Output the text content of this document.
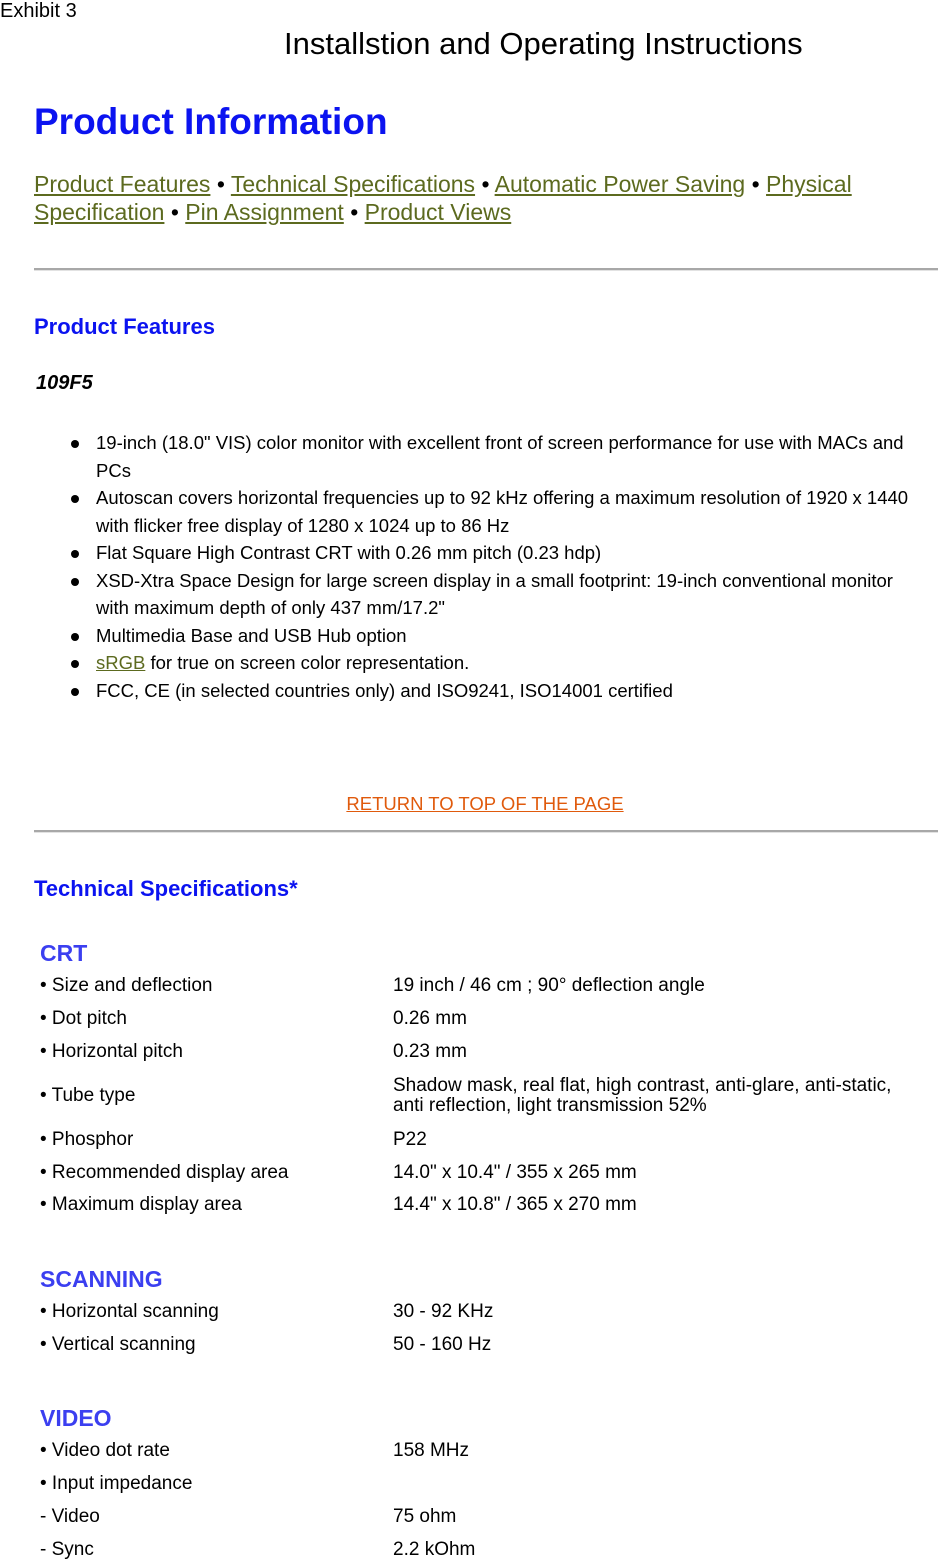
Exhibit 3
Installstion and Operating Instructions
Product Information
Product Features • Technical Specifications • Automatic Power Saving • Physical Specification • Pin Assignment • Product Views
Product Features
109F5
19-inch (18.0" VIS) color monitor with excellent front of screen performance for use with MACs and PCs
Autoscan covers horizontal frequencies up to 92 kHz offering a maximum resolution of 1920 x 1440 with flicker free display of 1280 x 1024 up to 86 Hz
Flat Square High Contrast CRT with 0.26 mm pitch (0.23 hdp)
XSD-Xtra Space Design for large screen display in a small footprint: 19-inch conventional monitor with maximum depth of only 437 mm/17.2"
Multimedia Base and USB Hub option
sRGB for true on screen color representation.
FCC, CE (in selected countries only) and ISO9241, ISO14001 certified
RETURN TO TOP OF THE PAGE
Technical Specifications*
CRT
• Size and deflection	19 inch / 46 cm ; 90° deflection angle
• Dot pitch	0.26 mm
• Horizontal pitch	0.23 mm
• Tube type	Shadow mask, real flat, high contrast, anti-glare, anti-static, anti reflection, light transmission 52%
• Phosphor	P22
• Recommended display area	14.0" x 10.4" / 355 x 265 mm
• Maximum display area	14.4" x 10.8" / 365 x 270 mm
SCANNING
• Horizontal scanning	30 - 92 KHz
• Vertical scanning	50 - 160 Hz
VIDEO
• Video dot rate	158 MHz
• Input impedance
- Video	75 ohm
- Sync	2.2 kOhm
